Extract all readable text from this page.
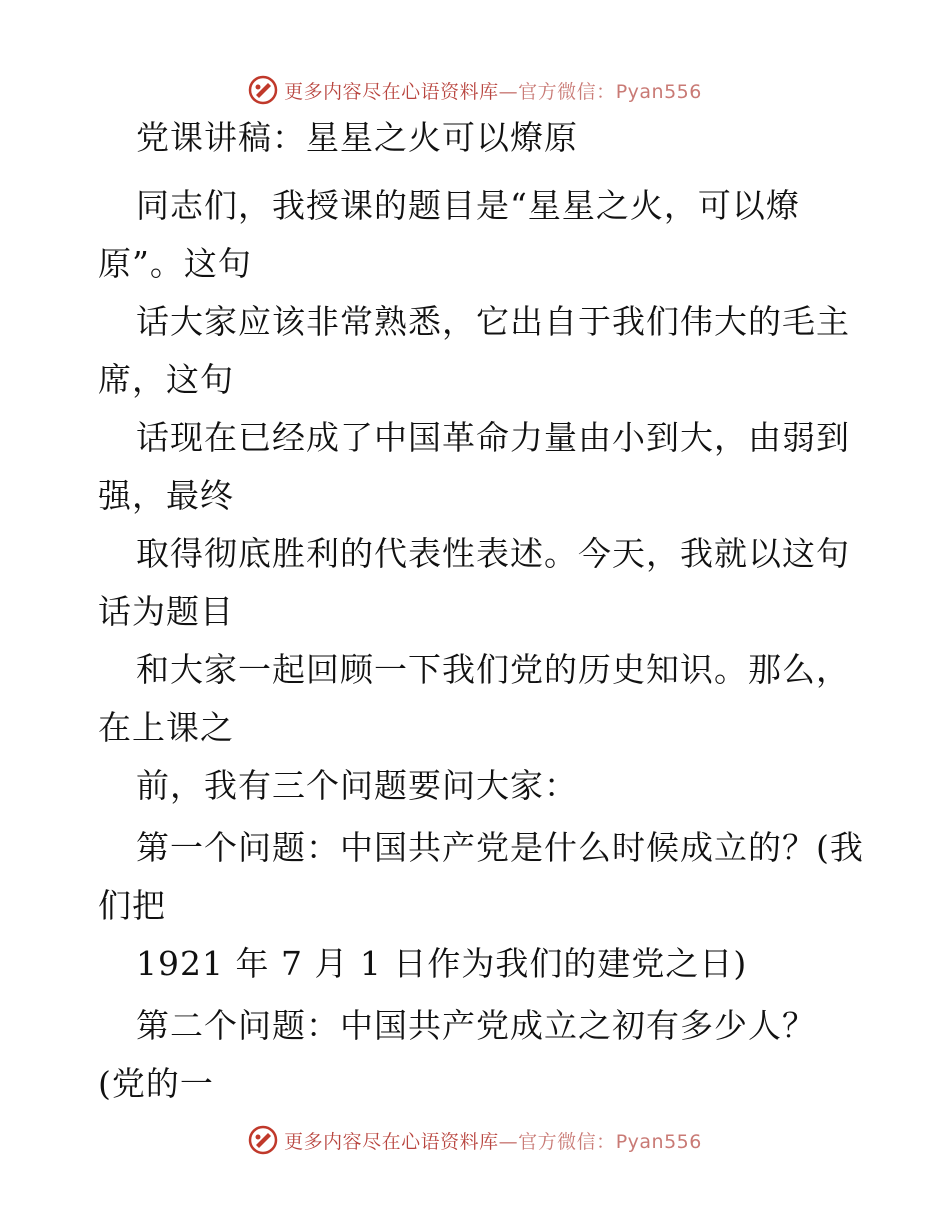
更多内容尽在心语资料库—官方微信：Pyan556
党课讲稿：星星之火可以燎原
同志们，我授课的题目是“星星之火，可以燎
原”。这句
话大家应该非常熟悉，它出自于我们伟大的毛主
席，这句
话现在已经成了中国革命力量由小到大，由弱到
强，最终
取得彻底胜利的代表性表述。今天，我就以这句
话为题目
和大家一起回顾一下我们党的历史知识。那么，
在上课之
前，我有三个问题要问大家：
第一个问题：中国共产党是什么时候成立的？(我
们把
1921 年 7 月 1 日作为我们的建党之日)
第二个问题：中国共产党成立之初有多少人？
(党的一
更多内容尽在心语资料库—官方微信：Pyan556
